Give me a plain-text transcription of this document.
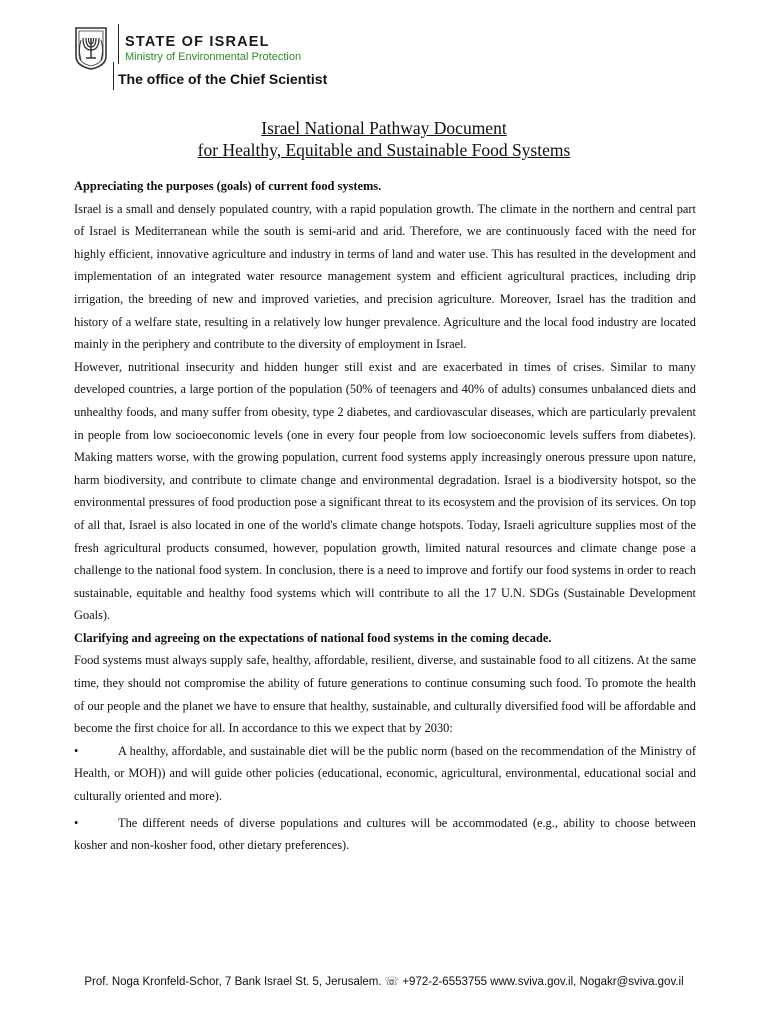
STATE OF ISRAEL
Ministry of Environmental Protection
The office of the Chief Scientist
Israel National Pathway Document
for Healthy, Equitable and Sustainable Food Systems

Appreciating the purposes (goals) of current food systems.

Israel is a small and densely populated country, with a rapid population growth. The climate in the northern and central part of Israel is Mediterranean while the south is semi-arid and arid. Therefore, we are continuously faced with the need for highly efficient, innovative agriculture and industry in terms of land and water use. This has resulted in the development and implementation of an integrated water resource management system and efficient agricultural practices, including drip irrigation, the breeding of new and improved varieties, and precision agriculture. Moreover, Israel has the tradition and history of a welfare state, resulting in a relatively low hunger prevalence. Agriculture and the local food industry are located mainly in the periphery and contribute to the diversity of employment in Israel.

However, nutritional insecurity and hidden hunger still exist and are exacerbated in times of crises. Similar to many developed countries, a large portion of the population (50% of teenagers and 40% of adults) consumes unbalanced diets and unhealthy foods, and many suffer from obesity, type 2 diabetes, and cardiovascular diseases, which are particularly prevalent in people from low socioeconomic levels (one in every four people from low socioeconomic levels suffers from diabetes). Making matters worse, with the growing population, current food systems apply increasingly onerous pressure upon nature, harm biodiversity, and contribute to climate change and environmental degradation. Israel is a biodiversity hotspot, so the environmental pressures of food production pose a significant threat to its ecosystem and the provision of its services. On top of all that, Israel is also located in one of the world's climate change hotspots. Today, Israeli agriculture supplies most of the fresh agricultural products consumed, however, population growth, limited natural resources and climate change pose a challenge to the national food system. In conclusion, there is a need to improve and fortify our food systems in order to reach sustainable, equitable and healthy food systems which will contribute to all the 17 U.N. SDGs (Sustainable Development Goals).

Clarifying and agreeing on the expectations of national food systems in the coming decade.

Food systems must always supply safe, healthy, affordable, resilient, diverse, and sustainable food to all citizens. At the same time, they should not compromise the ability of future generations to continue consuming such food. To promote the health of our people and the planet we have to ensure that healthy, sustainable, and culturally diversified food will be affordable and become the first choice for all. In accordance to this we expect that by 2030:

•	A healthy, affordable, and sustainable diet will be the public norm (based on the recommendation of the Ministry of Health, or MOH)) and will guide other policies (educational, economic, agricultural, environmental, educational social and culturally oriented and more).

•	The different needs of diverse populations and cultures will be accommodated (e.g., ability to choose between kosher and non-kosher food, other dietary preferences).

Prof. Noga Kronfeld-Schor, 7 Bank Israel St. 5, Jerusalem. ☏ +972-2-6553755 www.sviva.gov.il, Nogakr@sviva.gov.il
